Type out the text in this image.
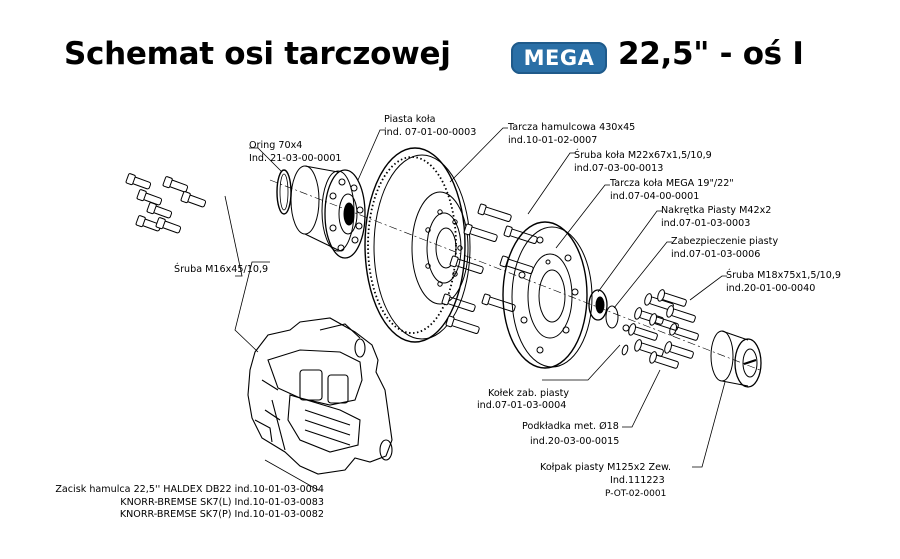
Schemat osi tarczowej	MEGA 22,5" - oś I
Piasta koła
ind. 07-01-00-0003
Oring 70x4
Ind. 21-03-00-0001
Tarcza hamulcowa 430x45
ind.10-01-02-0007
Śruba koła M22x67x1,5/10,9
ind.07-03-00-0013
Tarcza koła MEGA 19"/22"
ind.07-04-00-0001
Nakrętka Piasty M42x2
ind.07-01-03-0003
Zabezpieczenie piasty
ind.07-01-03-0006
Śruba M18x75x1,5/10,9
ind.20-01-00-0040
Śruba M16x45/10,9
Kołek zab. piasty
ind.07-01-03-0004
Podkładka met. Ø18
ind.20-03-00-0015
Kołpak piasty M125x2 Zew.
Ind.111223
P-OT-02-0001
Zacisk hamulca 22,5'' HALDEX DB22 ind.10-01-03-0004
KNORR-BREMSE SK7(L) Ind.10-01-03-0083
KNORR-BREMSE SK7(P) Ind.10-01-03-0082
